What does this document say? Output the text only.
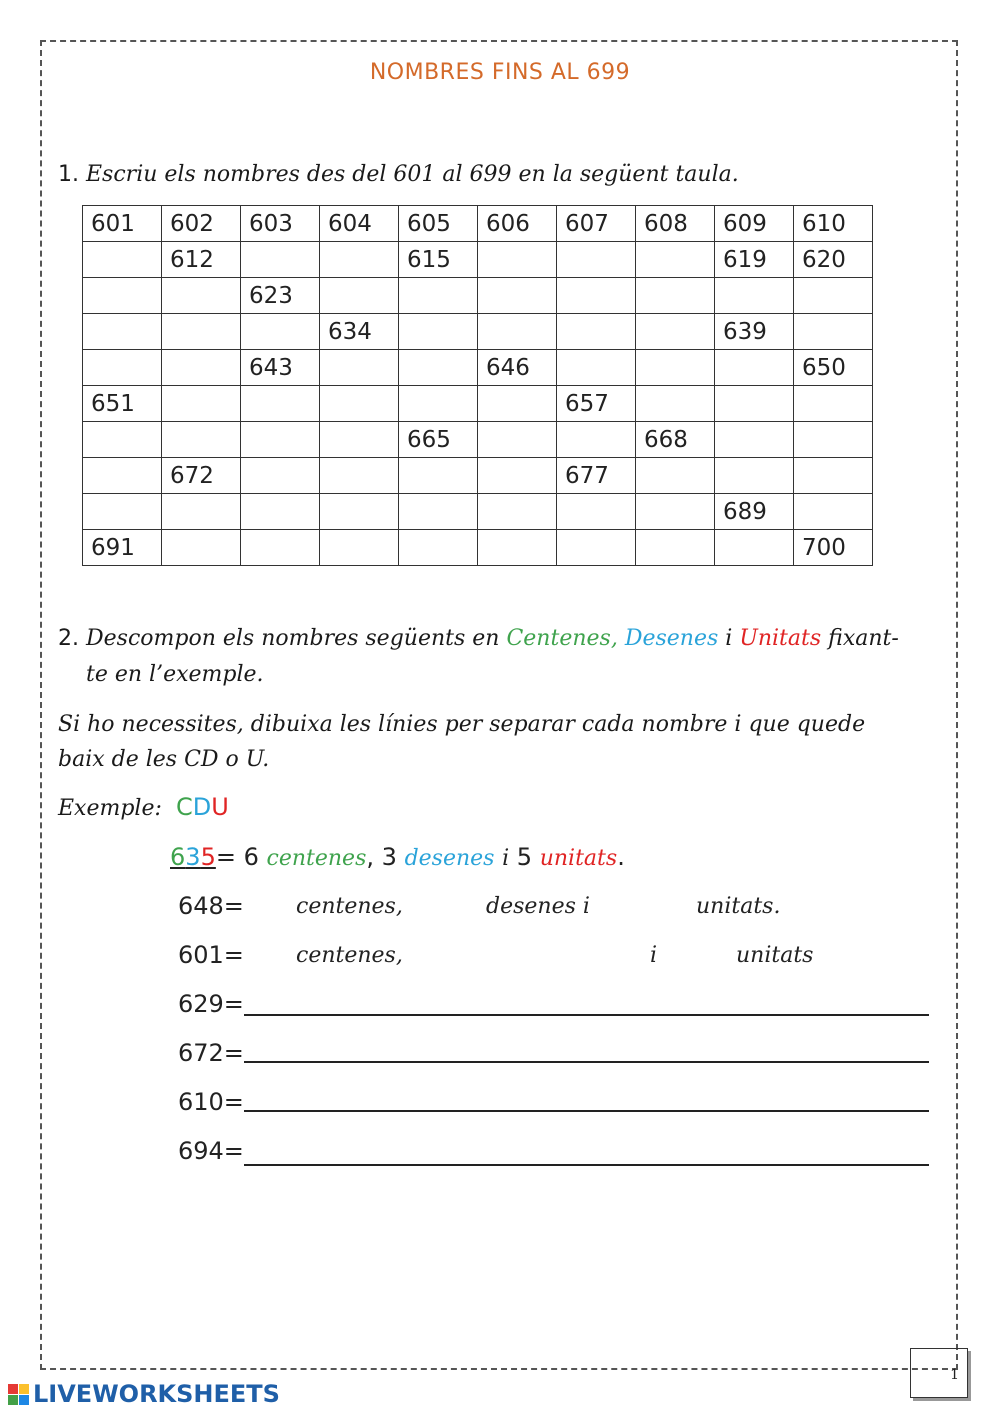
NOMBRES FINS AL 699
1. Escriu els nombres des del 601 al 699 en la següent taula.
601	602	603	604	605	606	607	608	609	610
	612			615				619	620
		623							
			634					639	
		643			646				650
651						657			
				665			668		
	672					677			
								689	
691									700
2. Descompon els nombres següents en Centenes, Desenes i Unitats fixant-
te en l’exemple.
Si ho necessites, dibuixa les línies per separar cada nombre i que quede
baix de les CD o U.
Exemple: CDU
635= 6 centenes, 3 desenes i 5 unitats.
648= centenes,	desenes i	unitats.
601= centenes,	i	unitats
629=
672=
610=
694=
1
LIVEWORKSHEETS
